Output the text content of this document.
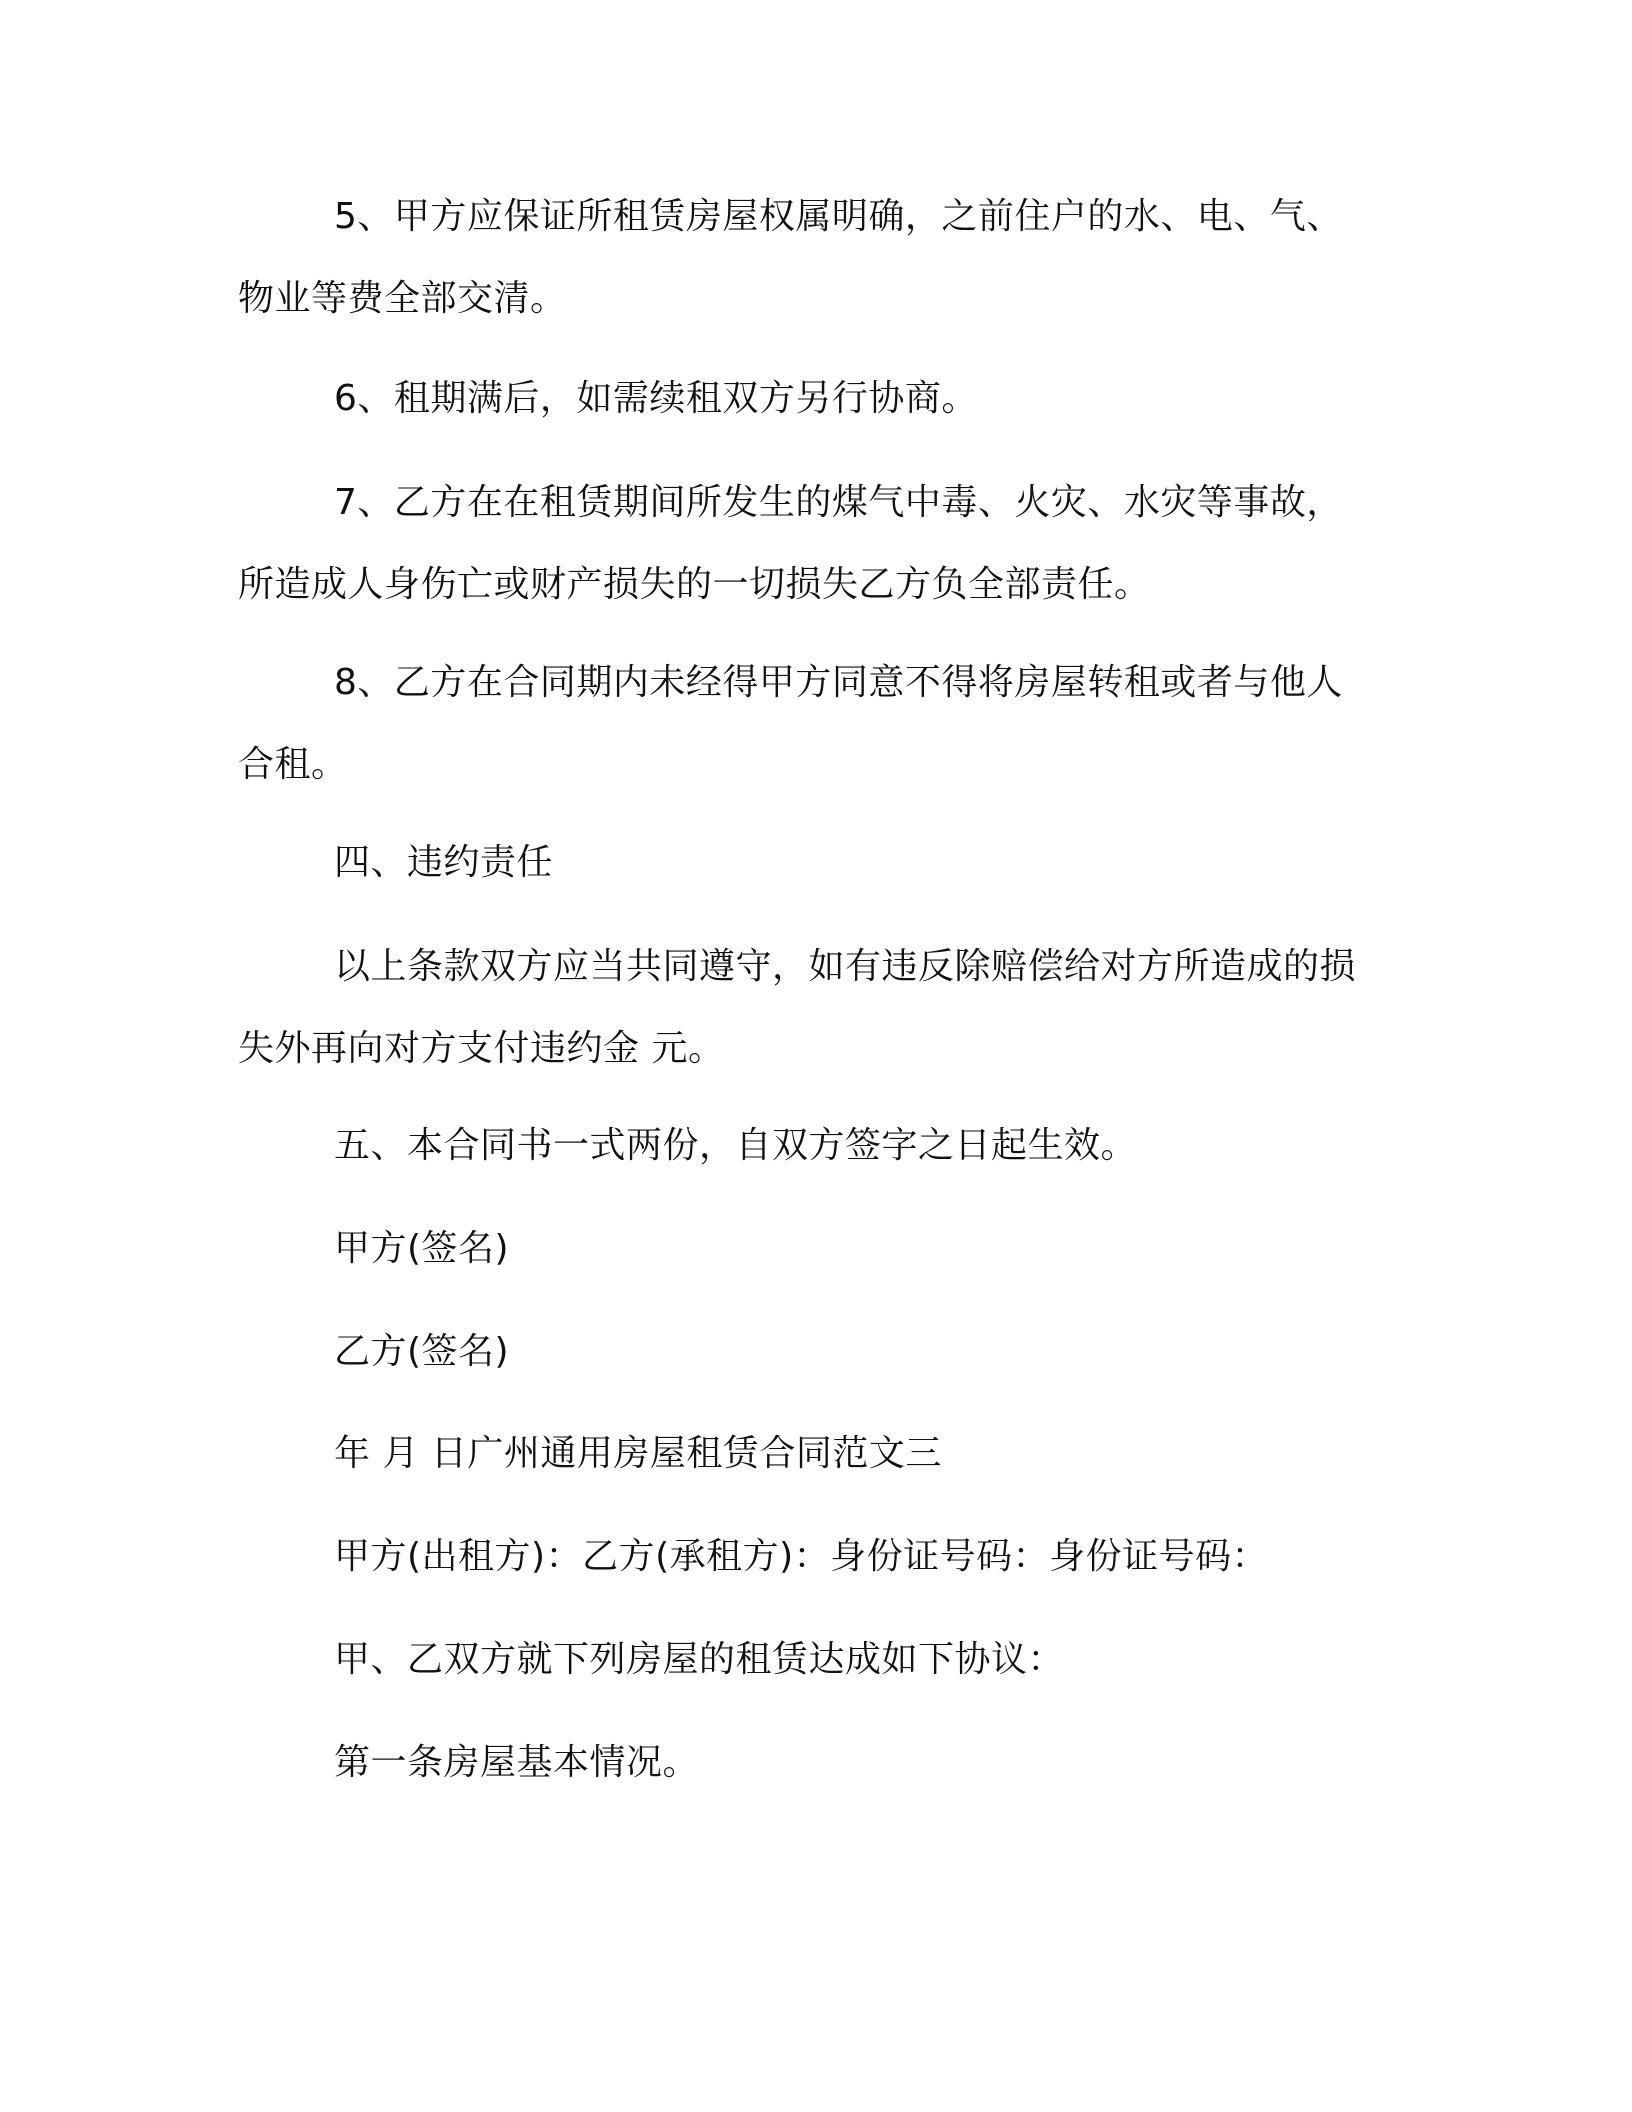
5、甲方应保证所租赁房屋权属明确，之前住户的水、电、气、
物业等费全部交清。

6、租期满后，如需续租双方另行协商。

7、乙方在在租赁期间所发生的煤气中毒、火灾、水灾等事故，
所造成人身伤亡或财产损失的一切损失乙方负全部责任。

8、乙方在合同期内未经得甲方同意不得将房屋转租或者与他人
合租。

四、违约责任

以上条款双方应当共同遵守，如有违反除赔偿给对方所造成的损
失外再向对方支付违约金 元。

五、本合同书一式两份，自双方签字之日起生效。

甲方(签名)

乙方(签名)

年 月 日广州通用房屋租赁合同范文三

甲方(出租方)：乙方(承租方)：身份证号码：身份证号码：

甲、乙双方就下列房屋的租赁达成如下协议：

第一条房屋基本情况。
